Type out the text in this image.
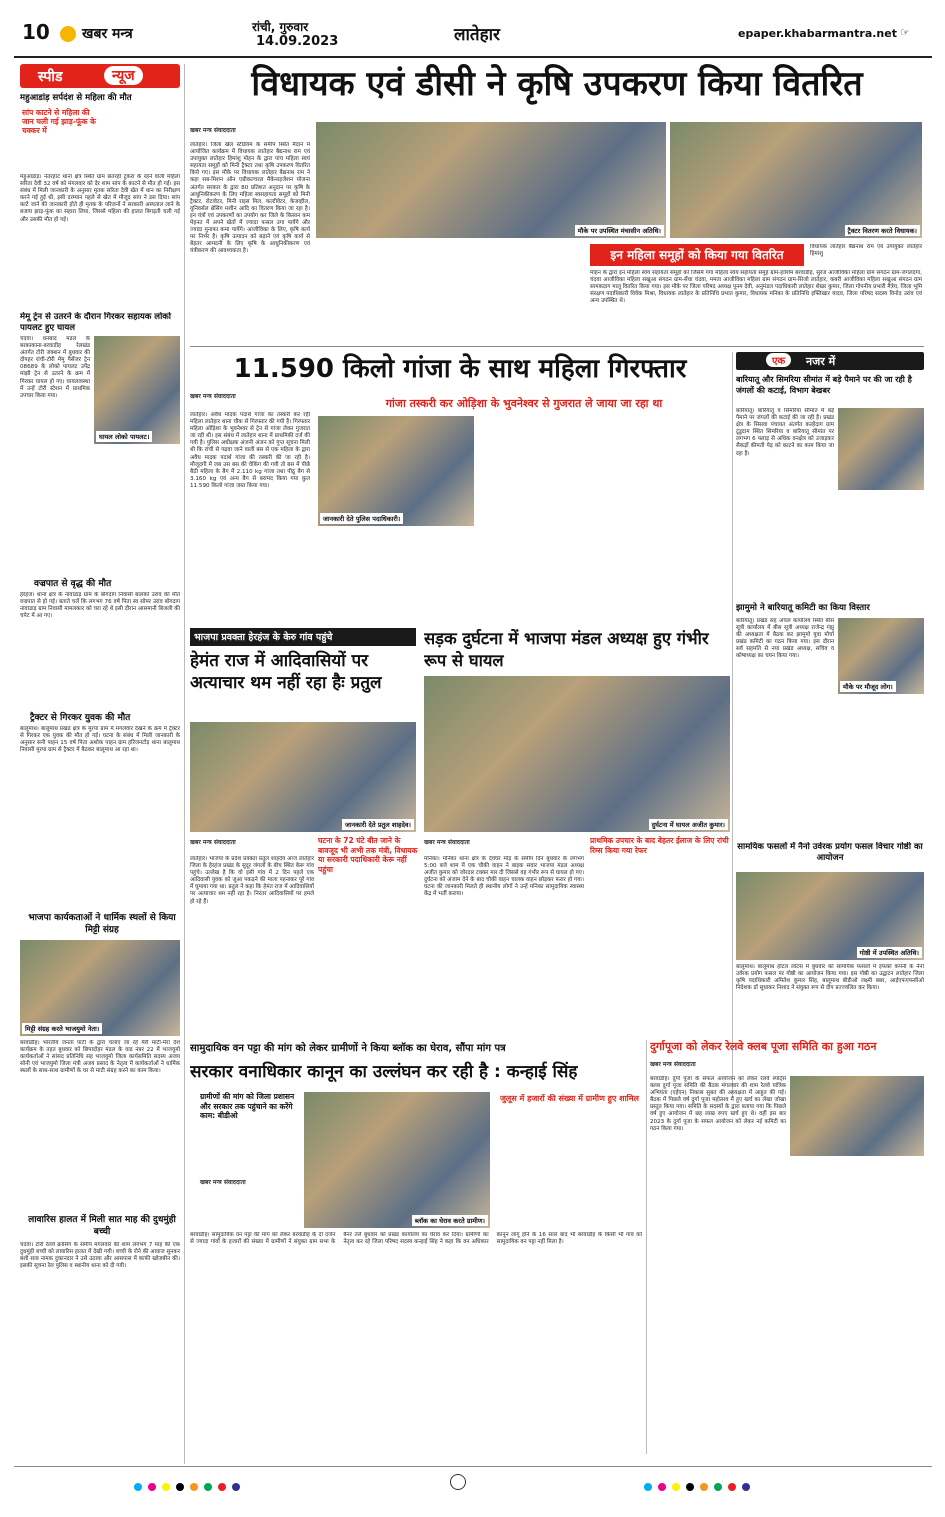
10 खबर मन्त्र	रांची, गुरुवार
14.09.2023	लातेहार	epaper.khabarmantra.net ☞
स्पीड	न्यूज
महुआडांड़ सर्पदंश से महिला की मौत
सांप काटने से महिला की जान चली गई झाड़-फूंक के चक्कर में
महुआडांड़। नेतरहाट थाना क्षेत्र स्थित ग्राम छतरही टुकरा के रहने वाली महिला सरिता देवी 32 वर्ष को मंगलवार को देर शाम सांप के काटने से मौत हो गई। इस संबंध में मिली जानकारी के अनुसार मृतक सरिता देवी खेत में धान का निरीक्षण करने गई हुई थी, इसी दरम्यान पहले से खेत में मौजूद सांप ने डस दिया। सांप काटे जाने की जानकारी होते ही मृतक के परिजनों ने सरकारी अस्पताल लाने के बजाय झाड़-फूंक का सहारा लिया, जिससे महिला की हालत बिगड़ती चली गई और उसकी मौत हो गई।
मेमू ट्रेन से उतरने के दौरान गिरकर सहायक लोको पायलट हुए घायल
चंदवा। धनबाद मंडल के बरकाकाना-बरवाडीह रेलखंड अंतर्गत टोरी जंक्शन में बुधवार की दोपहर रांची-टोरी मेमू पैसेंजर ट्रेन 08689 के लोको पायलट उपेंद्र मांझी ट्रेन से उतरने के क्रम में गिरकर घायल हो गए। घायलावस्था में उन्हें टोरी स्टेशन में प्राथमिक उपचार किया गया।
घायल लोको पायलट।
वज्रपात से वृद्ध की मौत
हेरहंज। थाना क्षेत्र के नावाडाड़ ग्राम के बोगदाग निवासी बालको उरांव की मौत वज्रपात से हो गई। बताते चलें कि लगभग 76 वर्ष पिता स्व सोमर उरांव बोगदाग नावाडाड़ ग्राम निवासी मामलकार को चरा रहे थे इसी दौरान आसमानी बिजली की चपेट में आ गए।
ट्रैक्टर से गिरकर युवक की मौत
बालूमाथ। बालूमाथ प्रखंड क्षेत्र के मुरपा ग्राम में मंगलवार देखने के क्रम में ट्रैक्टर से गिरकर एक युवक की मौत हो गई। घटना के संबंध में मिली जानकारी के अनुसार सनी पाहन 15 वर्ष पिता अशोक पाहन ग्राम हरिजनटोड़ थाना बालूमाथ निवासी मुरपा ग्राम से ट्रैक्टर में बैठकर बालूमाथ आ रहा था।
भाजपा कार्यकताओं ने धार्मिक स्थलों से किया मिट्टी संग्रह
मिट्टी संग्रह करते भाजयुमो नेता।
बरवाडीह। भारतीय जनता पार्टी के द्वारा चलाए जा रहे मेरी माटी-मेरा देश कार्यक्रम के तहत बुधवार को छिपादोहर मंडल के वाड नंबर 22 में भाजयुमो कार्यकर्ताओं ने सांसद प्रतिनिधि सह भाजयुमो जिला कार्यसमिति सदस्य अजय सोनी एवं भाजयुमो जिला मंत्री अजय प्रसाद के नेतृत्व में कार्यकर्ताओं ने धार्मिक स्थलों के साथ-साथ ग्रामीणों के घर से माटी संग्रह करने का काम किया।
लावारिस हालत में मिली सात माह की दुधमुंही बच्ची
चंदवा। टोरी रेलवे क्रासिंग के समीप मंगलवार की शाम लगभग 7 माह की एक दुधमुंही बच्ची को लावारिस हालत में देखी गयी। बच्ची के रोने की आवाज सुनकर बंशी साव नामक दुकानदार ने उसे उठाया और आसपास में काफी खोजबीन की। इसकी सूचना रेल पुलिस व स्थानीय थाना को दी गयी।
विधायक एवं डीसी ने कृषि उपकरण किया वितरित
खबर मन्त्र संवाददाता
लातेहार। जिला खेल स्टेडियम के समीप स्थित मैदान में आयोजित कार्यक्रम में विधायक लातेहार बैद्यनाथ राम एवं उपायुक्त लातेहार हिमांशु मोहन के द्वारा पांच महिला स्वयं सहायता समूहों को मिनी ट्रैक्टर तथा कृषि उपकरण वितरित किये गए। इस मौके पर विधायक लातेहार बैद्यनाथ राम ने कहा सब-मिशन ऑन एग्रीकल्चरल मैकेनाइजेशन योजना अंतर्गत सरकार के द्वारा 80 प्रतिशत अनुदान पर कृषि के आधुनिकीकरण के लिए महिला स्वसहायता समूहों को मिनी ट्रैक्टर, रोटावेटर, मिनी राइस मिल, कल्टीवेटर, केजव्हील, यूनिवर्सल थ्रेसिंग मशीन आदि का वितरण किया जा रहा है। इन यंत्रों एवं उपकरणों का उपयोग कर जिले के किसान कम मेहनत में अपने खेतों में ज्यादा फसल उगा पायेंगे और ज्यादा मुनाफा कमा पायेंगे। आजीविका के लिए, कृषि कार्य पर निर्भर है। कृषि उत्पादन को बढ़ाने एवं कृषि कार्य से बेहतर आमदनी के लिए कृषि के आधुनिकीकरण एवं यंत्रीकरण की आवश्यकता है।
मौके पर उपस्थित मंचासीन अतिथि।	ट्रैक्टर वितरण करते विधायक।
इन महिला समूहों को किया गया वितरित
विधायक लातेहार बैद्यनाथ राम एवं उपायुक्त लातेहार हिमांशु
मोहन के द्वारा इन महिला स्वयं सहायता समूहों को जिसमें गंगा महिला स्वयं सहायता समूह ग्राम-हाशिम बरवाडीह, सुरज आजीविका महिला ग्राम संगठन ग्राम-जगलदगा, चंदवा आजीविका महिला सखुआ संगठन ग्राम-सेंधा चंदवा, ममता आजीविका महिला ग्राम संगठन ग्राम-सिजो लातेहार, कबरी आजीविका महिला सखुआ संगठन ग्राम सामकदाग मालू वितरित किया गया। इस मौके पर जिला परिषद अध्यक्ष पूनम देवी, अनुमंडल पदाधिकारी लातेहार शेखर कुमार, जिला गोपनीय प्रभारी मैत्रेय, जिला भूमि संरक्षण पदाधिकारी विवेक मिश्रा, विधायक लातेहार के प्रतिनिधि प्रभात कुमार, विधायक मनिका के प्रतिनिधि इफ्तिखार यादव, जिला परिषद सदस्य विनोद उरांव एवं अन्य उपस्थित थे।
11.590 किलो गांजा के साथ महिला गिरफ्तार
खबर मन्त्र संवाददाता
गांजा तस्करी कर ओड़िशा के भुवनेश्वर से गुजरात ले जाया जा रहा था
लातेहार। अवैध मादक पदार्थ गांजा का तस्करी कर रही महिला लातेहार थाना चौक से गिरफ्तार की गयी है। गिरफ्तार महिला ओड़िशा के भुवनेश्वर से ट्रेन से गांजा लेकर गुजरात जा रही थी। इस संबंध में लातेहार थाना में प्राथमिकी दर्ज की गयी है। पुलिस अधीक्षक अंजनी अंजन को गुप्त सूचना मिली थी कि रांची से गढ़वा जाने वाली बस से एक महिला के द्वारा अवैध मादक पदार्थ गांजा की तस्करी की जा रही है। मौजूदगी में जब उस बस की चेकिंग की गयी तो बस में पीछे बैठी महिला के बैग में 2.110 kg गांजा तथा पीठू बैग से 3.160 kg एवं अन्य बैग से बरामद किया गया कुल 11.590 किलो गांजा जब्त किया गया।
जानकारी देते पुलिस पदाधिकारी।
एक	नजर में
बारियातू और सिमरिया सीमांत में बड़े पैमाने पर की जा रही है जंगलों की कटाई, विभाग बेखबर
बारियातू। बारियातू व सिमरिया सीमांत में बड़े पैमाने पर जंगलों की कटाई की जा रही है। प्रखंड क्षेत्र के सिसवा पंचायत अंतर्गत कल्हेदाग ग्राम टूंडुदाम स्थित सिमरिया व बारियातू सीमांत पर लगभग 6 फ्लाड़ से अधिक वनक्षेत्र को उजाड़कर सैकड़ों कीमती पेड़ को काटने का काम किया जा रहा है।
झामुमो ने बारियातू कमिटी का किया विस्तार
बारियातू। प्रखंड सह अंचल कार्यालय स्थित बीस सूत्री कार्यालय में बीस सूत्री अध्यक्ष राजेन्द्र गंझू की अध्यक्षता में बैठक कर झामुमो युवा मोर्चा प्रखंड कमिटी का गठन किया गया। इस दौरान सर्व सहमति से नया प्रखंड अध्यक्ष, सचिव व कोषाध्यक्ष का चयन किया गया।
मौके पर मौजूद लोग।
सामयिक फसलों में नैनो उर्वरक प्रयोग फसल विचार गोष्ठी का आयोजन
गोष्ठी में उपस्थित अतिथि।
बालूमाथ। बालूमाथ होटल लोटस में बुधवार को सामयिक फसलों में इफको कंपनी के नैनो उर्वरक प्रयोग फसल पर गोष्ठी का आयोजन किया गया। इस गोष्ठी का उद्घाटन लातेहार जिला कृषि पदाधिकारी अमितेश कुमार सिंह, बालूमाथ बीडीओ लक्ष्मी बबर, आईएफएफसीओ निदेशक डॉ सुधाकर निशाद ने संयुक्त रूप से दीप प्रज्ज्वलित कर किया।
भाजपा प्रवक्ता हेरहंज के केरु गांव पहुंचे
हेमंत राज में आदिवासियों पर अत्याचार थम नहीं रहा हैः प्रतुल
जानकारी देते प्रतुल शाहदेव।
खबर मन्त्र संवाददाता	घटना के 72 घंटे बीत जाने के बावजूद भी अभी तक मंत्री, विधायक या सरकारी पदाधिकारी केरू नहीं पहुंचा
लातेहार। भाजपा के प्रदेश प्रवक्ता प्रतुल शाहदेव आज लातेहार जिला के हेरहंज प्रखंड के सुदूर जंगलों के बीच स्थित केरू गांव पहुंचे। उल्लेख है कि वो इसी गांव में 2 दिन पहले एक आदिवासी युवक को जुआ पकड़ने की माला पहनाकर पूरे गांव में घुमाया गया था। प्रतुल ने कहा कि हेमंत राज में आदिवासियों पर अत्याचार थम नहीं रहा है। निरंतर आदिवासियों पर हमले हो रहे हैं।
सड़क दुर्घटना में भाजपा मंडल अध्यक्ष हुए गंभीर रूप से घायल
दुर्घटना में घायल अजीत कुमार।
खबर मन्त्र संवाददाता	प्राथमिक उपचार के बाद बेहतर ईलाज के लिए रांची रिम्स किया गया रेफर
मनिका। मनिका थाना क्षेत्र के देवघर मोड़ के समीप दिन बुधवार के लगभग 5:00 बजे शाम में एक चौकी वाहन ने बाइक सवार भाजपा मंडल अध्यक्ष अजीत कुमार को जोरदार टक्कर मार दी जिससे वह गंभीर रूप से घायल हो गए। दुर्घटना को अंजाम देने के बाद चौकी वाहन चालक वाहन छोड़कर फरार हो गया। घटना की जानकारी मिलते ही स्थानीय लोगों ने उन्हें मनिका सामुदायिक स्वास्थ्य केंद्र में भर्ती कराया।
सामुदायिक वन पट्टा की मांग को लेकर ग्रामीणों ने किया ब्लॉक का घेराव, सौंपा मांग पत्र
सरकार वनाधिकार कानून का उल्लंघन कर रही है : कन्हाई सिंह
ग्रामीणों की मांग को जिला प्रशासन और सरकार तक पहुंचाने का करेंगे काम: बीडीओ
ब्लॉक का घेराव करते ग्रामीण।
जुलूस में हजारों की संख्या में ग्रामीण हुए शामिल
खबर मन्त्र संवाददाता
बरवाडीह। सामुदायिक वन पट्टा की मांग को लेकर बरवाडीह के दो दर्जन से ज्यादा गांवों के हजारों की संख्या में ग्रामीणों ने संयुक्त ग्राम सभा के बैनर तले बुधवार को प्रखंड कार्यालय का घेराव कर दिया। ग्रामीणों का नेतृत्व कर रहे जिला परिषद सदस्य कन्हाई सिंह ने कहा कि वन अधिकार कानून लागू होने के 16 साल बाद भी बरवाडीह के किसी भी गांव को सामुदायिक वन पट्टा नहीं मिला है।
दुर्गापूजा को लेकर रेलवे क्लब पूजा समिति का हुआ गठन
खबर मन्त्र संवाददाता
बरवाडीह। दुर्गा पूजा के सफल आयोजन को लेकर रेलवे स्पोर्ट्स क्लब दुर्गा पूजा समिति की बैठक मंगलवार की शाम रेलवे यांत्रिक अभियंता (एईएन) निकास सुबत की अध्यक्षता में आहुत की गई। बैठक में पिछले वर्ष दुर्गा पूजा महोत्सव में हुए खर्च का लेखा जोखा प्रस्तुत किया गया। समिति के सदस्यों के द्वारा बताया गया कि पिछले वर्ष हुए आयोजन में छह लाख रुपए खर्च हुए थे। वहीं इस बार 2023 के दुर्गा पूजा के सफल आयोजन को लेकर नई कमिटी का गठन किया गया।
